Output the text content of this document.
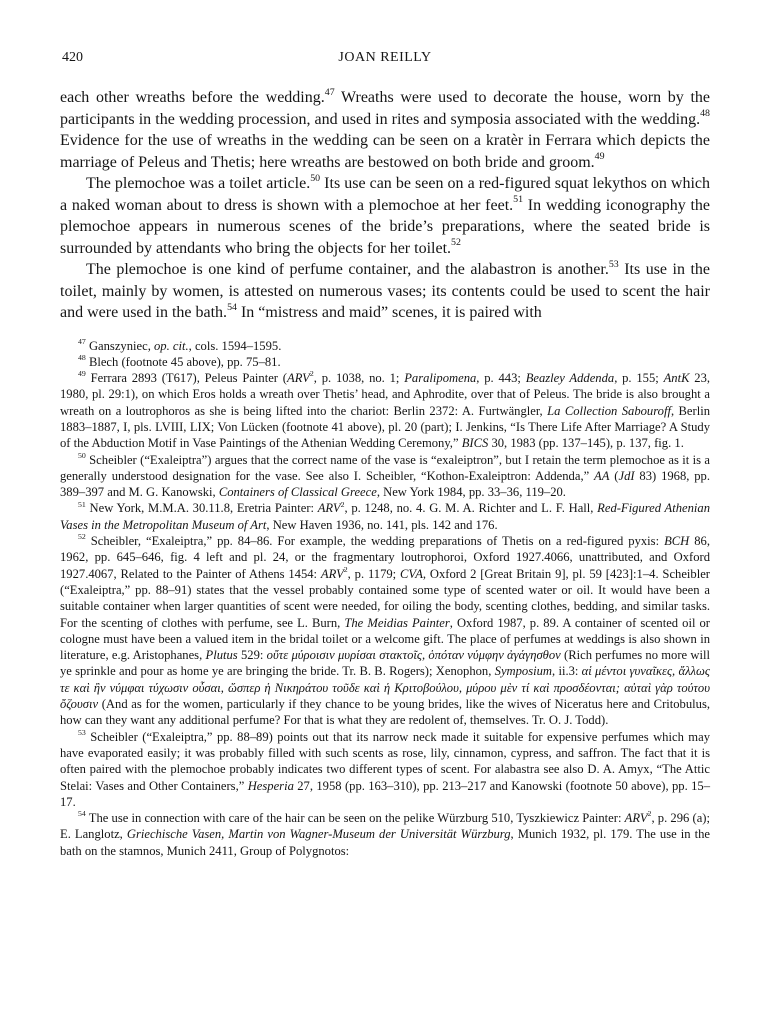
420	JOAN REILLY

each other wreaths before the wedding.$^{47}$ Wreaths were used to decorate the house, worn by the participants in the wedding procession, and used in rites and symposia associated with the wedding.$^{48}$ Evidence for the use of wreaths in the wedding can be seen on a kratèr in Ferrara which depicts the marriage of Peleus and Thetis; here wreaths are bestowed on both bride and groom.$^{49}$

The plemochoe was a toilet article.$^{50}$ Its use can be seen on a red-figured squat lekythos on which a naked woman about to dress is shown with a plemochoe at her feet.$^{51}$ In wedding iconography the plemochoe appears in numerous scenes of the bride’s preparations, where the seated bride is surrounded by attendants who bring the objects for her toilet.$^{52}$

The plemochoe is one kind of perfume container, and the alabastron is another.$^{53}$ Its use in the toilet, mainly by women, is attested on numerous vases; its contents could be used to scent the hair and were used in the bath.$^{54}$ In “mistress and maid” scenes, it is paired with

$^{47}$ Ganszyniec, op. cit., cols. 1594–1595.

$^{48}$ Blech (footnote 45 above), pp. 75–81.

$^{49}$ Ferrara 2893 (T617), Peleus Painter (ARV$^2$, p. 1038, no. 1; Paralipomena, p. 443; Beazley Addenda, p. 155; AntK 23, 1980, pl. 29:1), on which Eros holds a wreath over Thetis’ head, and Aphrodite, over that of Peleus. The bride is also brought a wreath on a loutrophoros as she is being lifted into the chariot: Berlin 2372: A. Furtwängler, La Collection Sabouroff, Berlin 1883–1887, I, pls. LVIII, LIX; Von Lücken (footnote 41 above), pl. 20 (part); I. Jenkins, “Is There Life After Marriage? A Study of the Abduction Motif in Vase Paintings of the Athenian Wedding Ceremony,” BICS 30, 1983 (pp. 137–145), p. 137, fig. 1.

$^{50}$ Scheibler (“Exaleiptra”) argues that the correct name of the vase is “exaleiptron”, but I retain the term plemochoe as it is a generally understood designation for the vase. See also I. Scheibler, “Kothon-Exaleiptron: Addenda,” AA (JdI 83) 1968, pp. 389–397 and M. G. Kanowski, Containers of Classical Greece, New York 1984, pp. 33–36, 119–20.

$^{51}$ New York, M.M.A. 30.11.8, Eretria Painter: ARV$^2$, p. 1248, no. 4. G. M. A. Richter and L. F. Hall, Red-Figured Athenian Vases in the Metropolitan Museum of Art, New Haven 1936, no. 141, pls. 142 and 176.

$^{52}$ Scheibler, “Exaleiptra,” pp. 84–86. For example, the wedding preparations of Thetis on a red-figured pyxis: BCH 86, 1962, pp. 645–646, fig. 4 left and pl. 24, or the fragmentary loutrophoroi, Oxford 1927.4066, unattributed, and Oxford 1927.4067, Related to the Painter of Athens 1454: ARV$^2$, p. 1179; CVA, Oxford 2 [Great Britain 9], pl. 59 [423]:1–4. Scheibler (“Exaleiptra,” pp. 88–91) states that the vessel probably contained some type of scented water or oil. It would have been a suitable container when larger quantities of scent were needed, for oiling the body, scenting clothes, bedding, and similar tasks. For the scenting of clothes with perfume, see L. Burn, The Meidias Painter, Oxford 1987, p. 89. A container of scented oil or cologne must have been a valued item in the bridal toilet or a welcome gift. The place of perfumes at weddings is also shown in literature, e.g. Aristophanes, Plutus 529: οὔτε μύροισιν μυρίσαι στακτοῖς, ὁπόταν νύμφην ἀγάγησθον (Rich perfumes no more will ye sprinkle and pour as home ye are bringing the bride. Tr. B. B. Rogers); Xenophon, Symposium, ii.3: αἱ μέντοι γυναῖκες, ἄλλως τε καὶ ἢν νύμφαι τύχωσιν οὖσαι, ὥσπερ ἡ Νικηράτου τοῦδε καὶ ἡ Κριτοβούλου, μύρου μὲν τί καὶ προσδέονται; αὐταὶ γὰρ τούτου ὄζουσιν (And as for the women, particularly if they chance to be young brides, like the wives of Niceratus here and Critobulus, how can they want any additional perfume? For that is what they are redolent of, themselves. Tr. O. J. Todd).

$^{53}$ Scheibler (“Exaleiptra,” pp. 88–89) points out that its narrow neck made it suitable for expensive perfumes which may have evaporated easily; it was probably filled with such scents as rose, lily, cinnamon, cypress, and saffron. The fact that it is often paired with the plemochoe probably indicates two different types of scent. For alabastra see also D. A. Amyx, “The Attic Stelai: Vases and Other Containers,” Hesperia 27, 1958 (pp. 163–310), pp. 213–217 and Kanowski (footnote 50 above), pp. 15–17.

$^{54}$ The use in connection with care of the hair can be seen on the pelike Würzburg 510, Tyszkiewicz Painter: ARV$^2$, p. 296 (a); E. Langlotz, Griechische Vasen, Martin von Wagner-Museum der Universität Würzburg, Munich 1932, pl. 179. The use in the bath on the stamnos, Munich 2411, Group of Polygnotos:
